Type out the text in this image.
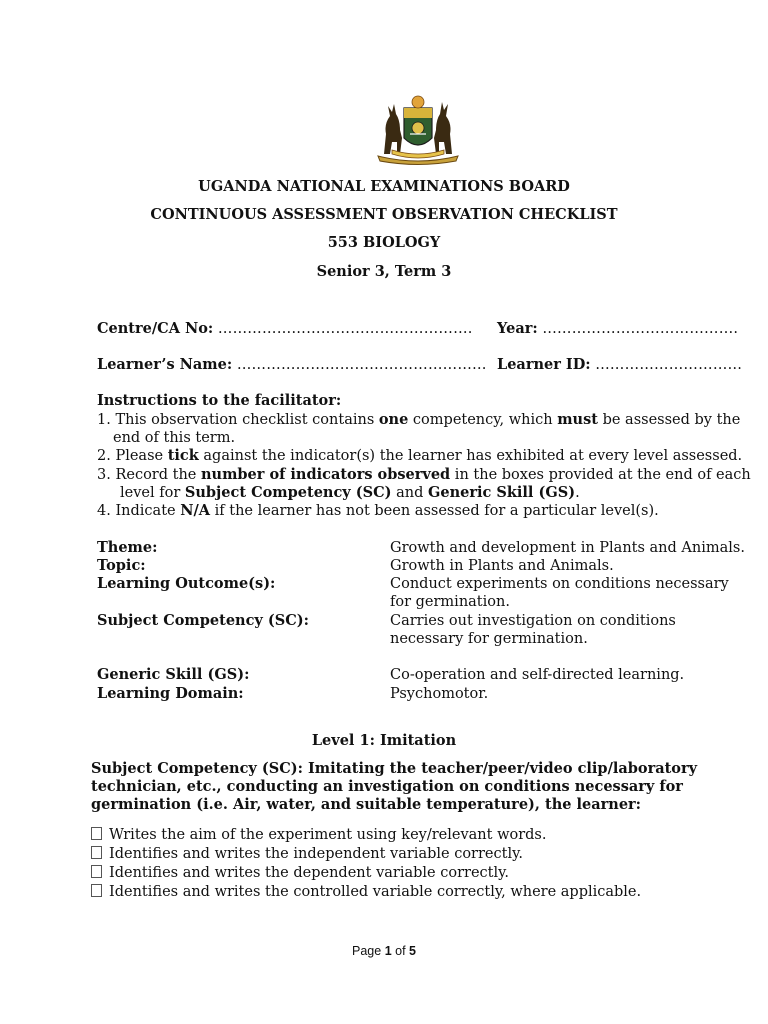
UGANDA NATIONAL EXAMINATIONS BOARD
CONTINUOUS ASSESSMENT OBSERVATION CHECKLIST
553 BIOLOGY
Senior 3, Term 3
Centre/CA No: ……………………………………………. Year: ………………………………….
Learner’s Name: …………………………………………… Learner ID: …………………………
Instructions to the facilitator:
1. This observation checklist contains one competency, which must be assessed by the
end of this term.
2. Please tick against the indicator(s) the learner has exhibited at every level assessed.
3. Record the number of indicators observed in the boxes provided at the end of each
level for Subject Competency (SC) and Generic Skill (GS).
4. Indicate N/A if the learner has not been assessed for a particular level(s).
Theme:	Growth and development in Plants and Animals.
Topic:	Growth in Plants and Animals.
Learning Outcome(s):	Conduct experiments on conditions necessary
for germination.
Subject Competency (SC):	Carries out investigation on conditions
necessary for germination.
Generic Skill (GS):	Co-operation and self-directed learning.
Learning Domain:	Psychomotor.
Level 1: Imitation
Subject Competency (SC): Imitating the teacher/peer/video clip/laboratory
technician, etc., conducting an investigation on conditions necessary for
germination (i.e. Air, water, and suitable temperature), the learner:
Writes the aim of the experiment using key/relevant words.
Identifies and writes the independent variable correctly.
Identifies and writes the dependent variable correctly.
Identifies and writes the controlled variable correctly, where applicable.
Page 1 of 5
